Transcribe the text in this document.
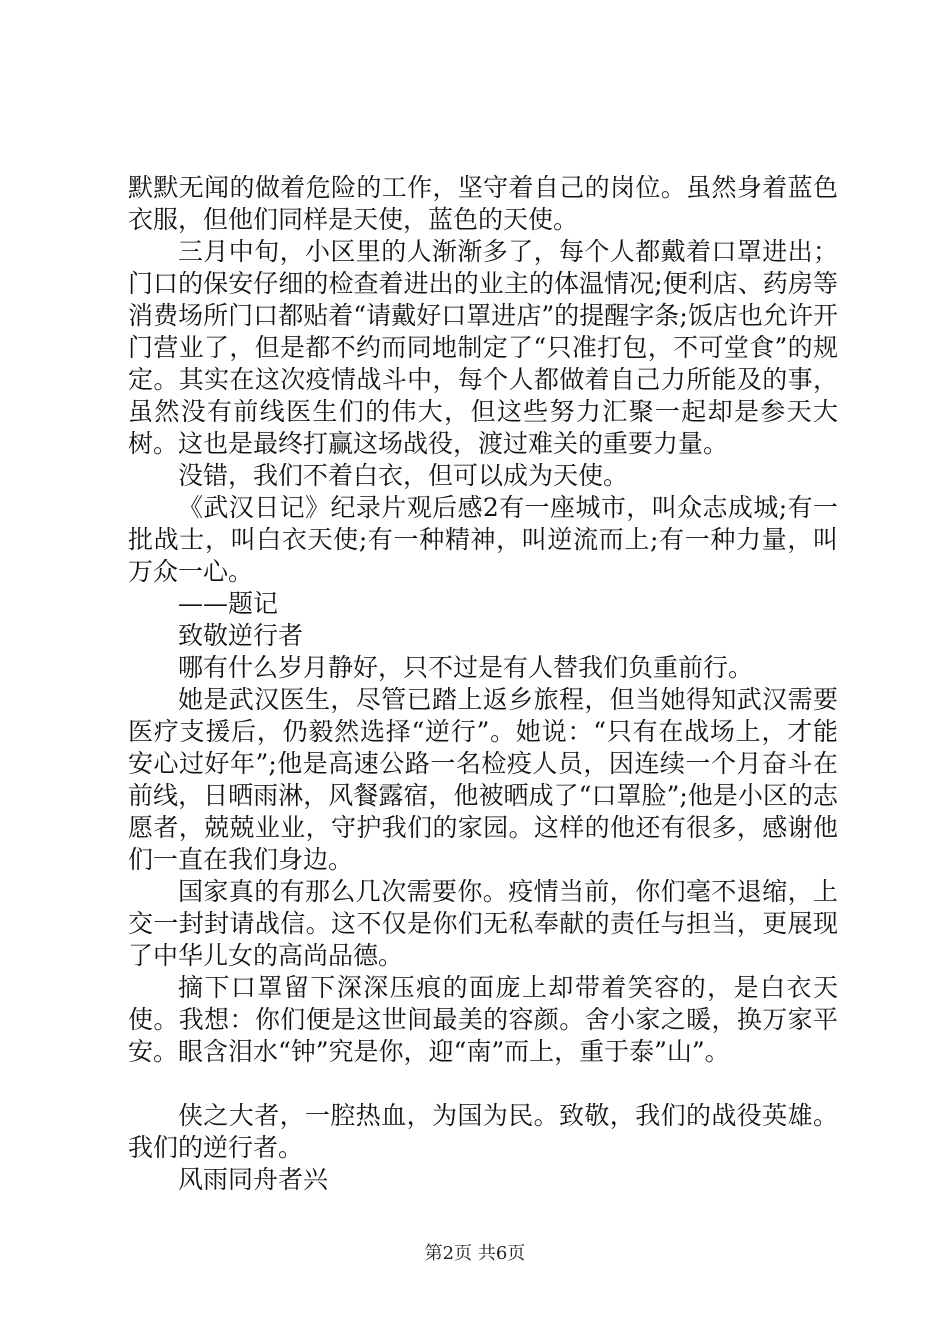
默默无闻的做着危险的工作，坚守着自己的岗位。虽然身着蓝色衣服，但他们同样是天使，蓝色的天使。

三月中旬，小区里的人渐渐多了，每个人都戴着口罩进出；门口的保安仔细的检查着进出的业主的体温情况;便利店、药房等消费场所门口都贴着“请戴好口罩进店”的提醒字条;饭店也允许开门营业了，但是都不约而同地制定了“只准打包，不可堂食”的规定。其实在这次疫情战斗中，每个人都做着自己力所能及的事，虽然没有前线医生们的伟大，但这些努力汇聚一起却是参天大树。这也是最终打赢这场战役，渡过难关的重要力量。

没错，我们不着白衣，但可以成为天使。

《武汉日记》纪录片观后感2有一座城市，叫众志成城;有一批战士，叫白衣天使;有一种精神，叫逆流而上;有一种力量，叫万众一心。

——题记

致敬逆行者

哪有什么岁月静好，只不过是有人替我们负重前行。

她是武汉医生，尽管已踏上返乡旅程，但当她得知武汉需要医疗支援后，仍毅然选择“逆行”。她说：“只有在战场上，才能安心过好年”;他是高速公路一名检疫人员，因连续一个月奋斗在前线，日晒雨淋，风餐露宿，他被晒成了“口罩脸”;他是小区的志愿者，兢兢业业，守护我们的家园。这样的他还有很多，感谢他们一直在我们身边。

国家真的有那么几次需要你。疫情当前，你们毫不退缩，上交一封封请战信。这不仅是你们无私奉献的责任与担当，更展现了中华儿女的高尚品德。

摘下口罩留下深深压痕的面庞上却带着笑容的，是白衣天使。我想：你们便是这世间最美的容颜。舍小家之暖，换万家平安。眼含泪水“钟”究是你，迎“南”而上，重于泰”山”。

侠之大者，一腔热血，为国为民。致敬，我们的战役英雄。我们的逆行者。

风雨同舟者兴

第2页 共6页
